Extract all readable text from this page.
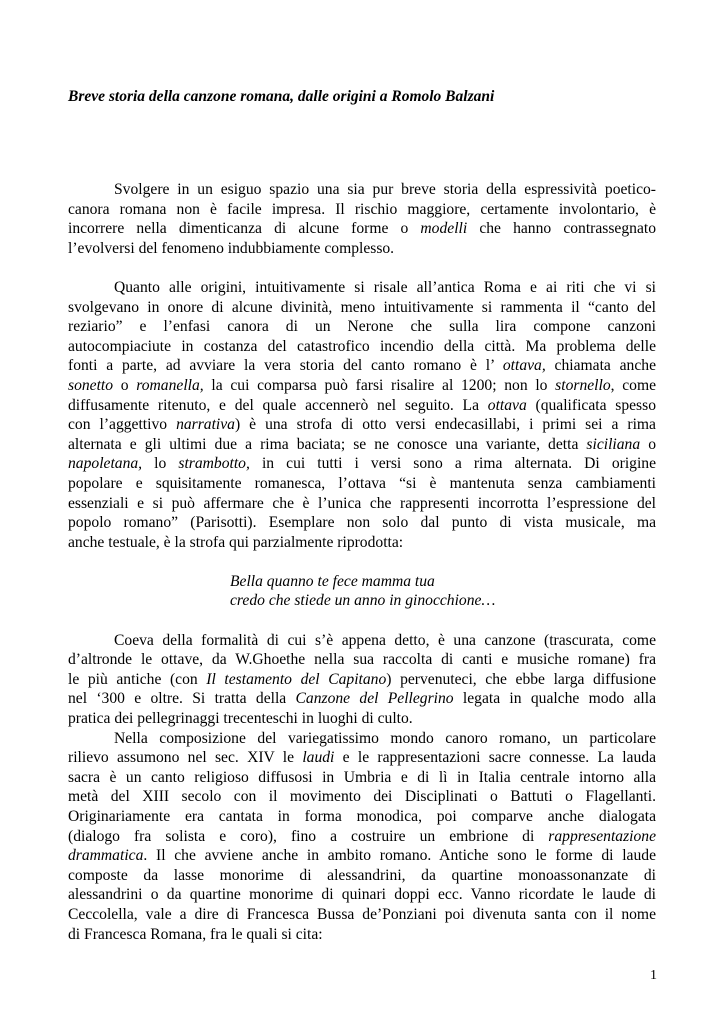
Breve storia della canzone romana, dalle origini a Romolo Balzani
Svolgere in un esiguo spazio una sia pur breve storia della espressività poetico-
canora romana non è facile impresa. Il rischio maggiore, certamente involontario, è
incorrere nella dimenticanza di alcune forme o modelli che hanno contrassegnato
l’evolversi del fenomeno indubbiamente complesso.
Quanto alle origini, intuitivamente si risale all’antica Roma e ai riti che vi si
svolgevano in onore di alcune divinità, meno intuitivamente si rammenta il “canto del
reziario” e l’enfasi canora di un Nerone che sulla lira compone canzoni
autocompiaciute in costanza del catastrofico incendio della città. Ma problema delle
fonti a parte, ad avviare la vera storia del canto romano è l’ ottava, chiamata anche
sonetto o romanella, la cui comparsa può farsi risalire al 1200; non lo stornello, come
diffusamente ritenuto, e del quale accennerò nel seguito. La ottava (qualificata spesso
con l’aggettivo narrativa) è una strofa di otto versi endecasillabi, i primi sei a rima
alternata e gli ultimi due a rima baciata; se ne conosce una variante, detta siciliana o
napoletana, lo strambotto, in cui tutti i versi sono a rima alternata. Di origine
popolare e squisitamente romanesca, l’ottava “si è mantenuta senza cambiamenti
essenziali e si può affermare che è l’unica che rappresenti incorrotta l’espressione del
popolo romano” (Parisotti). Esemplare non solo dal punto di vista musicale, ma
anche testuale, è la strofa qui parzialmente riprodotta:
Bella quanno te fece mamma tua
credo che stiede un anno in ginocchione…
Coeva della formalità di cui s’è appena detto, è una canzone (trascurata, come
d’altronde le ottave, da W.Ghoethe nella sua raccolta di canti e musiche romane) fra
le più antiche (con Il testamento del Capitano) pervenuteci, che ebbe larga diffusione
nel ‘300 e oltre. Si tratta della Canzone del Pellegrino legata in qualche modo alla
pratica dei pellegrinaggi trecenteschi in luoghi di culto.
Nella composizione del variegatissimo mondo canoro romano, un particolare
rilievo assumono nel sec. XIV le laudi e le rappresentazioni sacre connesse. La lauda
sacra è un canto religioso diffusosi in Umbria e di lì in Italia centrale intorno alla
metà del XIII secolo con il movimento dei Disciplinati o Battuti o Flagellanti.
Originariamente era cantata in forma monodica, poi comparve anche dialogata
(dialogo fra solista e coro), fino a costruire un embrione di rappresentazione
drammatica. Il che avviene anche in ambito romano. Antiche sono le forme di laude
composte da lasse monorime di alessandrini, da quartine monoassonanzate di
alessandrini o da quartine monorime di quinari doppi ecc. Vanno ricordate le laude di
Ceccolella, vale a dire di Francesca Bussa de’Ponziani poi divenuta santa con il nome
di Francesca Romana, fra le quali si cita:
1
